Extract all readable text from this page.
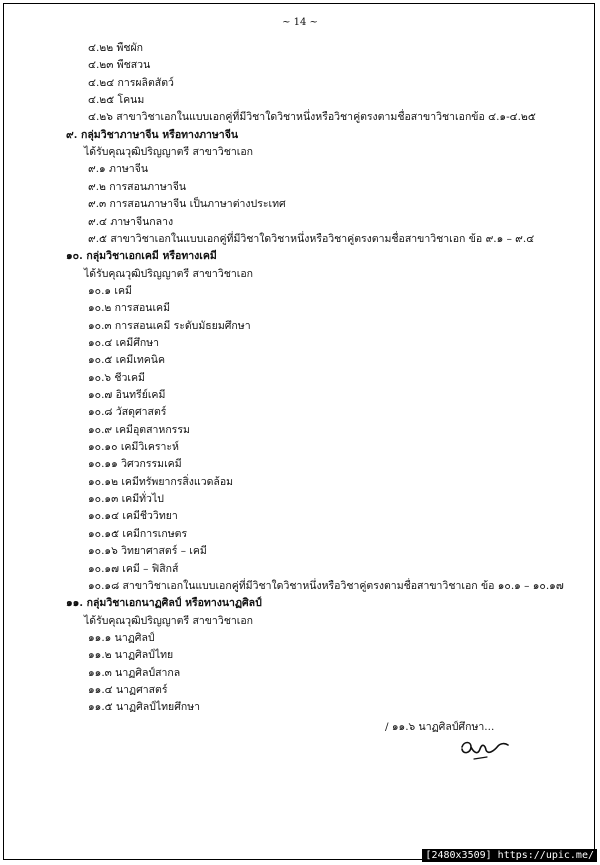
~ 14 ~
๔.๒๒ พืชผัก
๔.๒๓ พืชสวน
๔.๒๔ การผลิตสัตว์
๔.๒๕ โคนม
๔.๒๖ สาขาวิชาเอกในแบบเอกคู่ที่มีวิชาใดวิชาหนึ่งหรือวิชาคู่ตรงตามชื่อสาขาวิชาเอกข้อ ๔.๑-๔.๒๕
๙. กลุ่มวิชาภาษาจีน หรือทางภาษาจีน
ได้รับคุณวุฒิปริญญาตรี สาขาวิชาเอก
๙.๑ ภาษาจีน
๙.๒ การสอนภาษาจีน
๙.๓ การสอนภาษาจีน เป็นภาษาต่างประเทศ
๙.๔ ภาษาจีนกลาง
๙.๕ สาขาวิชาเอกในแบบเอกคู่ที่มีวิชาใดวิชาหนึ่งหรือวิชาคู่ตรงตามชื่อสาขาวิชาเอก ข้อ ๙.๑ – ๙.๔
๑๐. กลุ่มวิชาเอกเคมี หรือทางเคมี
ได้รับคุณวุฒิปริญญาตรี สาขาวิชาเอก
๑๐.๑ เคมี
๑๐.๒ การสอนเคมี
๑๐.๓ การสอนเคมี ระดับมัธยมศึกษา
๑๐.๔ เคมีศึกษา
๑๐.๕ เคมีเทคนิค
๑๐.๖ ชีวเคมี
๑๐.๗ อินทรีย์เคมี
๑๐.๘ วัสดุศาสตร์
๑๐.๙ เคมีอุตสาหกรรม
๑๐.๑๐ เคมีวิเคราะห์
๑๐.๑๑ วิศวกรรมเคมี
๑๐.๑๒ เคมีทรัพยากรสิ่งแวดล้อม
๑๐.๑๓ เคมีทั่วไป
๑๐.๑๔ เคมีชีววิทยา
๑๐.๑๕ เคมีการเกษตร
๑๐.๑๖ วิทยาศาสตร์ – เคมี
๑๐.๑๗ เคมี – ฟิสิกส์
๑๐.๑๘ สาขาวิชาเอกในแบบเอกคู่ที่มีวิชาใดวิชาหนึ่งหรือวิชาคู่ตรงตามชื่อสาขาวิชาเอก ข้อ ๑๐.๑ – ๑๐.๑๗
๑๑. กลุ่มวิชาเอกนาฏศิลป์ หรือทางนาฏศิลป์
ได้รับคุณวุฒิปริญญาตรี สาขาวิชาเอก
๑๑.๑ นาฏศิลป์
๑๑.๒ นาฏศิลป์ไทย
๑๑.๓ นาฏศิลป์สากล
๑๑.๔ นาฏศาสตร์
๑๑.๕ นาฏศิลป์ไทยศึกษา
/ ๑๑.๖ นาฏศิลป์ศึกษา...
[2480x3509] https://upic.me/
